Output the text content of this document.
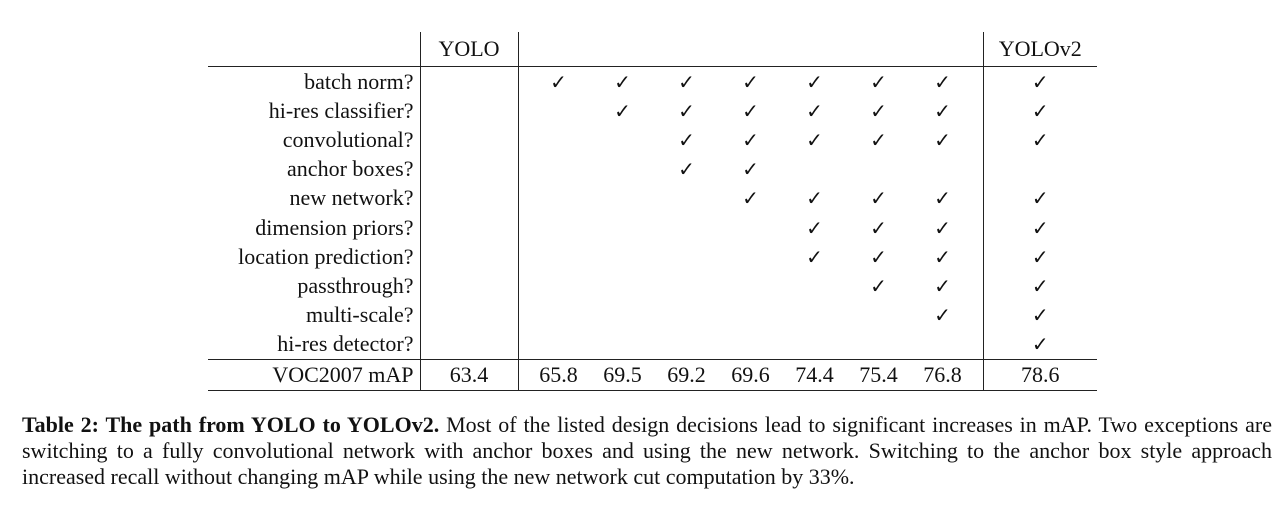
	YOLO								YOLOv2
batch norm?		✓	✓	✓	✓	✓	✓	✓	✓
hi-res classifier?			✓	✓	✓	✓	✓	✓	✓
convolutional?				✓	✓	✓	✓	✓	✓
anchor boxes?				✓	✓				
new network?					✓	✓	✓	✓	✓
dimension priors?						✓	✓	✓	✓
location prediction?						✓	✓	✓	✓
passthrough?							✓	✓	✓
multi-scale?								✓	✓
hi-res detector?									✓
VOC2007 mAP	63.4	65.8	69.5	69.2	69.6	74.4	75.4	76.8	78.6
Table 2: The path from YOLO to YOLOv2. Most of the listed design decisions lead to significant increases in mAP. Two exceptions are switching to a fully convolutional network with anchor boxes and using the new network. Switching to the anchor box style approach increased recall without changing mAP while using the new network cut computation by 33%.
